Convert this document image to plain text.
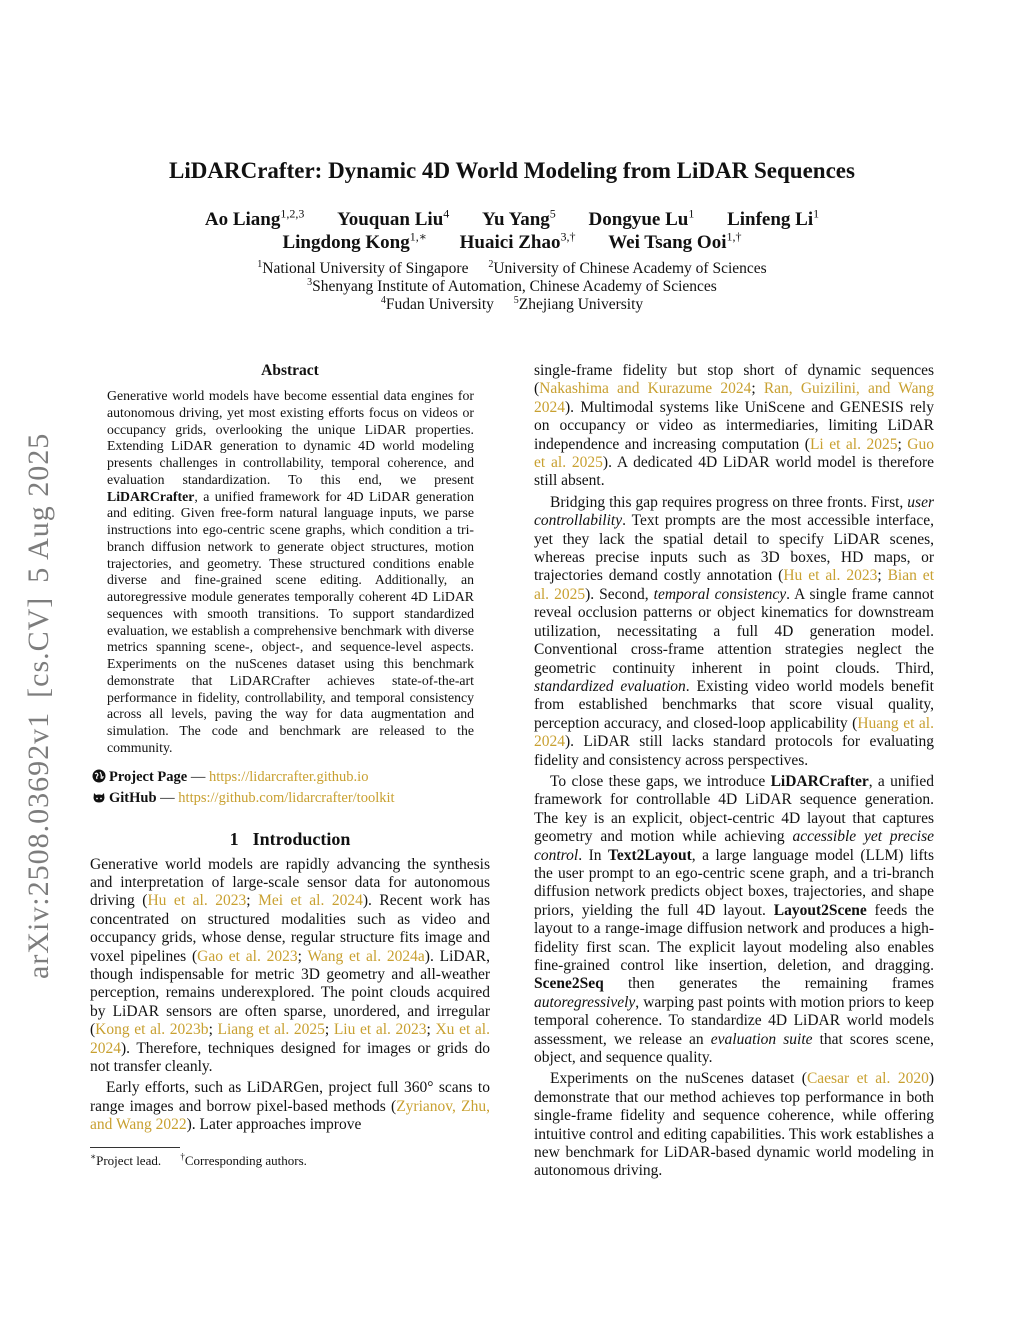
arXiv:2508.03692v1[cs.CV]5 Aug 2025
LiDARCrafter: Dynamic 4D World Modeling from LiDAR Sequences
Ao Liang$^{1,2,3}$ Youquan Liu$^4$ Yu Yang$^5$ Dongyue Lu$^1$ Linfeng Li$^1$
Lingdong Kong$^{1,∗}$ Huaici Zhao$^{3,\dagger}$ Wei Tsang Ooi$^{1,\dagger}$
$^1$National University of Singapore $^2$University of Chinese Academy of Sciences
$^3$Shenyang Institute of Automation, Chinese Academy of Sciences
$^4$Fudan University $^5$Zhejiang University
Abstract

Generative world models have become essential data engines for autonomous driving, yet most existing efforts focus on videos or occupancy grids, overlooking the unique LiDAR properties. Extending LiDAR generation to dynamic 4D world modeling presents challenges in controllability, temporal coherence, and evaluation standardization. To this end, we present LiDARCrafter, a unified framework for 4D LiDAR generation and editing. Given free-form natural language inputs, we parse instructions into ego-centric scene graphs, which condition a tri-branch diffusion network to generate object structures, motion trajectories, and geometry. These structured conditions enable diverse and fine-grained scene editing. Additionally, an autoregressive module generates temporally coherent 4D LiDAR sequences with smooth transitions. To support standardized evaluation, we establish a comprehensive benchmark with diverse metrics spanning scene-, object-, and sequence-level aspects. Experiments on the nuScenes dataset using this benchmark demonstrate that LiDARCrafter achieves state-of-the-art performance in fidelity, controllability, and temporal consistency across all levels, paving the way for data augmentation and simulation. The code and benchmark are released to the community.

Project Page — https://lidarcrafter.github.io
GitHub — https://github.com/lidarcrafter/toolkit
1 Introduction

Generative world models are rapidly advancing the synthesis and interpretation of large-scale sensor data for autonomous driving (Hu et al. 2023; Mei et al. 2024). Recent work has concentrated on structured modalities such as video and occupancy grids, whose dense, regular structure fits image and voxel pipelines (Gao et al. 2023; Wang et al. 2024a). LiDAR, though indispensable for metric 3D geometry and all-weather perception, remains underexplored. The point clouds acquired by LiDAR sensors are often sparse, unordered, and irregular (Kong et al. 2023b; Liang et al. 2025; Liu et al. 2023; Xu et al. 2024). Therefore, techniques designed for images or grids do not transfer cleanly.

Early efforts, such as LiDARGen, project full 360° scans to range images and borrow pixel-based methods (Zyrianov, Zhu, and Wang 2022). Later approaches improve

∗Project lead. †Corresponding authors.

single-frame fidelity but stop short of dynamic sequences (Nakashima and Kurazume 2024; Ran, Guizilini, and Wang 2024). Multimodal systems like UniScene and GENESIS rely on occupancy or video as intermediaries, limiting LiDAR independence and increasing computation (Li et al. 2025; Guo et al. 2025). A dedicated 4D LiDAR world model is therefore still absent.

Bridging this gap requires progress on three fronts. First, user controllability. Text prompts are the most accessible interface, yet they lack the spatial detail to specify LiDAR scenes, whereas precise inputs such as 3D boxes, HD maps, or trajectories demand costly annotation (Hu et al. 2023; Bian et al. 2025). Second, temporal consistency. A single frame cannot reveal occlusion patterns or object kinematics for downstream utilization, necessitating a full 4D generation model. Conventional cross-frame attention strategies neglect the geometric continuity inherent in point clouds. Third, standardized evaluation. Existing video world models benefit from established benchmarks that score visual quality, perception accuracy, and closed-loop applicability (Huang et al. 2024). LiDAR still lacks standard protocols for evaluating fidelity and consistency across perspectives.

To close these gaps, we introduce LiDARCrafter, a unified framework for controllable 4D LiDAR sequence generation. The key is an explicit, object-centric 4D layout that captures geometry and motion while achieving accessible yet precise control. In Text2Layout, a large language model (LLM) lifts the user prompt to an ego-centric scene graph, and a tri-branch diffusion network predicts object boxes, trajectories, and shape priors, yielding the full 4D layout. Layout2Scene feeds the layout to a range-image diffusion network and produces a high-fidelity first scan. The explicit layout modeling also enables fine-grained control like insertion, deletion, and dragging. Scene2Seq then generates the remaining frames autoregressively, warping past points with motion priors to keep temporal coherence. To standardize 4D LiDAR world models assessment, we release an evaluation suite that scores scene, object, and sequence quality.

Experiments on the nuScenes dataset (Caesar et al. 2020) demonstrate that our method achieves top performance in both single-frame fidelity and sequence coherence, while offering intuitive control and editing capabilities. This work establishes a new benchmark for LiDAR-based dynamic world modeling in autonomous driving.
